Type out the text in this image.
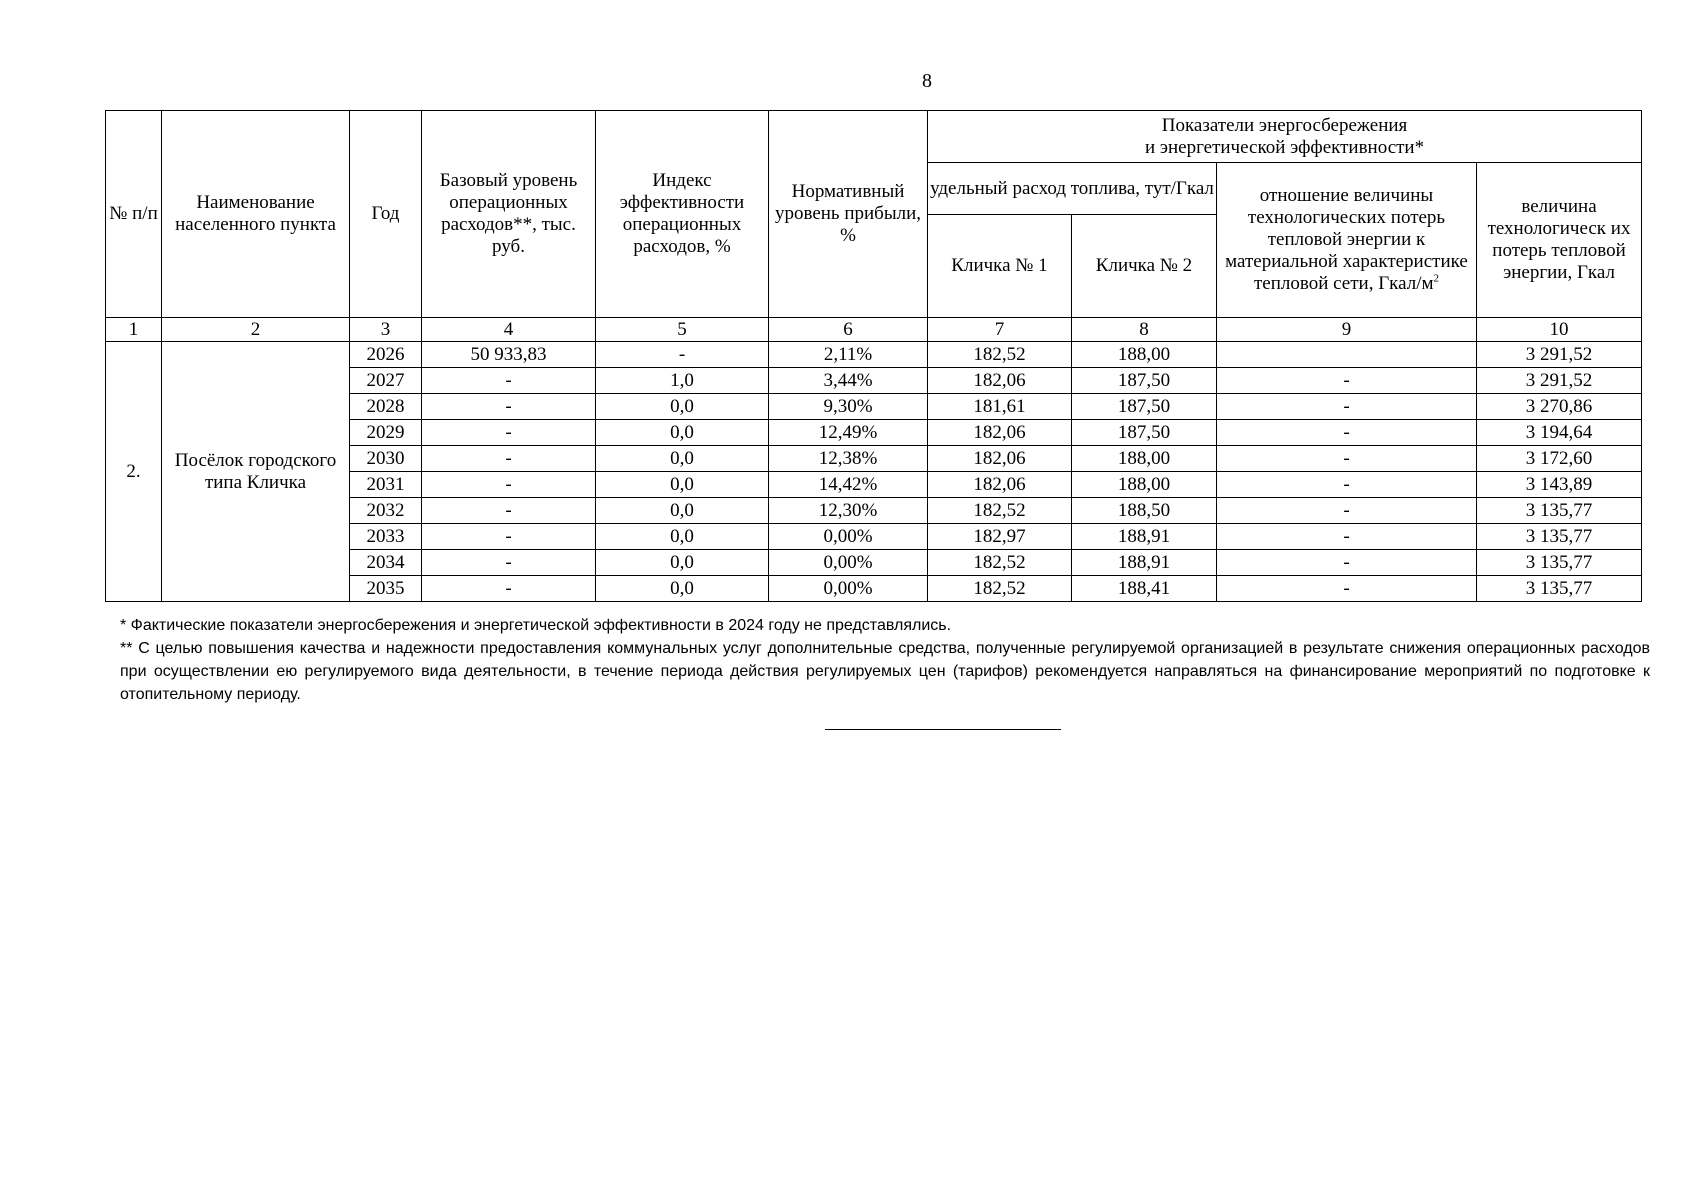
8
№ п/п	Наименование населенного пункта	Год	Базовый уровень операционных расходов**, тыс. руб.	Индекс эффективности операционных расходов, %	Нормативный уровень прибыли, %	Показатели энергосбережения
и энергетической эффективности*			

						удельный расход топлива, тут/Гкал		отношение величины технологических потерь тепловой энергии к материальной характеристике тепловой сети, Гкал/$м^2$	величина технологическ их потерь тепловой энергии, Гкал
						Кличка № 1	Кличка № 2		
1	2	3	4	5	6	7	8	9	10
2.	Посёлок городского типа Кличка	2026	50 933,83	-	2,11%	182,52	188,00		3 291,52
		2027	-	1,0	3,44%	182,06	187,50	-	3 291,52
		2028	-	0,0	9,30%	181,61	187,50	-	3 270,86
		2029	-	0,0	12,49%	182,06	187,50	-	3 194,64
		2030	-	0,0	12,38%	182,06	188,00	-	3 172,60
		2031	-	0,0	14,42%	182,06	188,00	-	3 143,89
		2032	-	0,0	12,30%	182,52	188,50	-	3 135,77
		2033	-	0,0	0,00%	182,97	188,91	-	3 135,77
		2034	-	0,0	0,00%	182,52	188,91	-	3 135,77
		2035	-	0,0	0,00%	182,52	188,41	-	3 135,77

* Фактические показатели энергосбережения и энергетической эффективности в 2024 году не представлялись.

** С целью повышения качества и надежности предоставления коммунальных услуг дополнительные средства, полученные регулируемой организацией в результате снижения операционных расходов при осуществлении ею регулируемого вида деятельности, в течение периода действия регулируемых цен (тарифов) рекомендуется направляться на финансирование мероприятий по подготовке к отопительному периоду.
